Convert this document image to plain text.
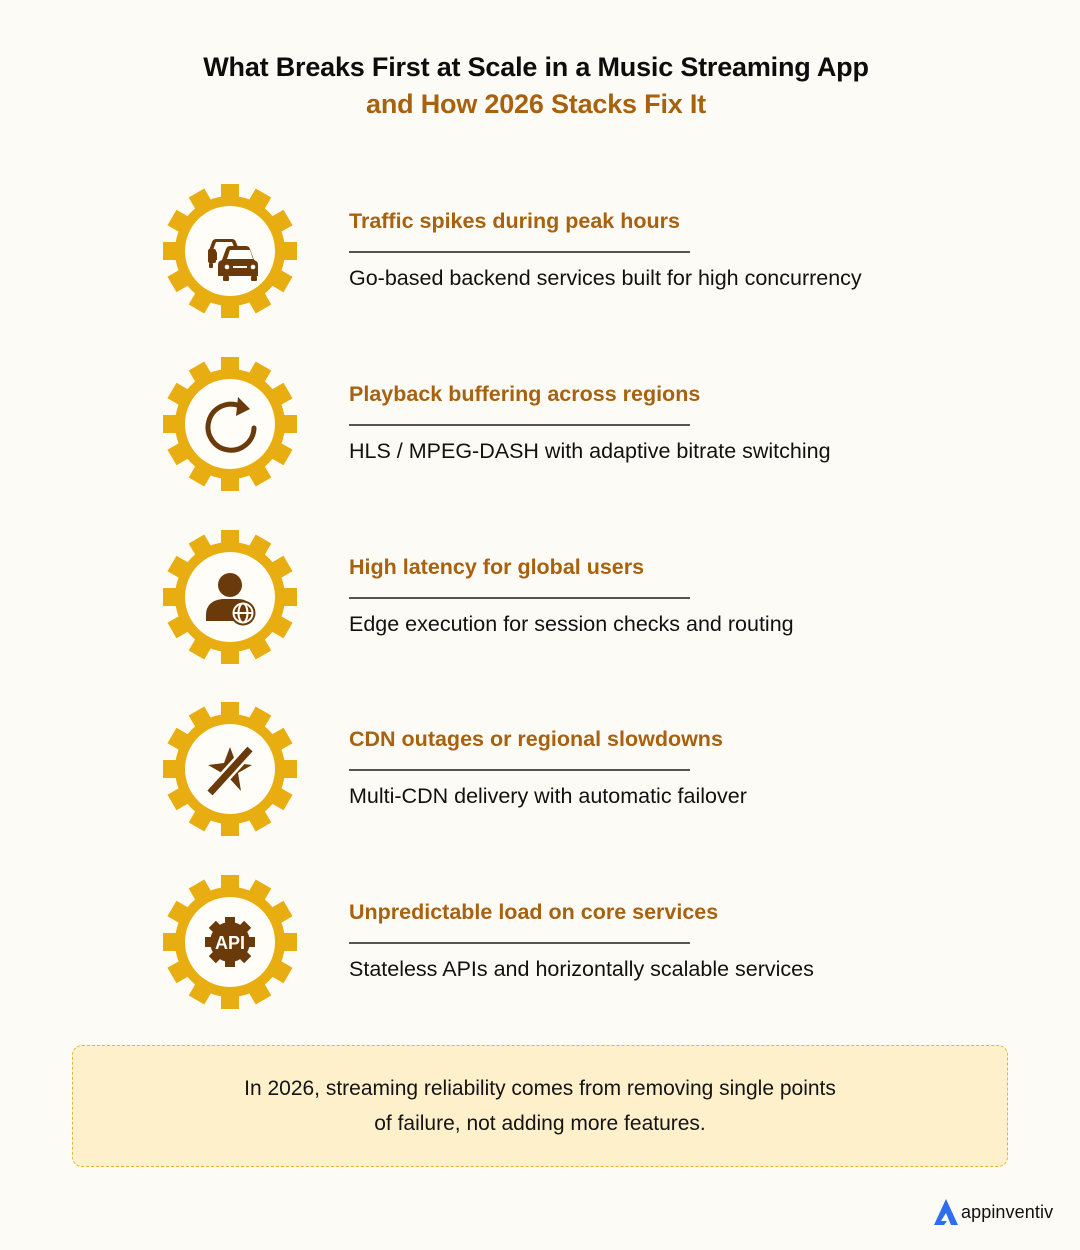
What Breaks First at Scale in a Music Streaming App
and How 2026 Stacks Fix It
Traffic spikes during peak hours
Go-based backend services built for high concurrency
Playback buffering across regions
HLS / MPEG-DASH with adaptive bitrate switching
High latency for global users
Edge execution for session checks and routing
CDN outages or regional slowdowns
Multi-CDN delivery with automatic failover
API
Unpredictable load on core services
Stateless APIs and horizontally scalable services

In 2026, streaming reliability comes from removing single points of failure, not adding more features.

appinventiv
